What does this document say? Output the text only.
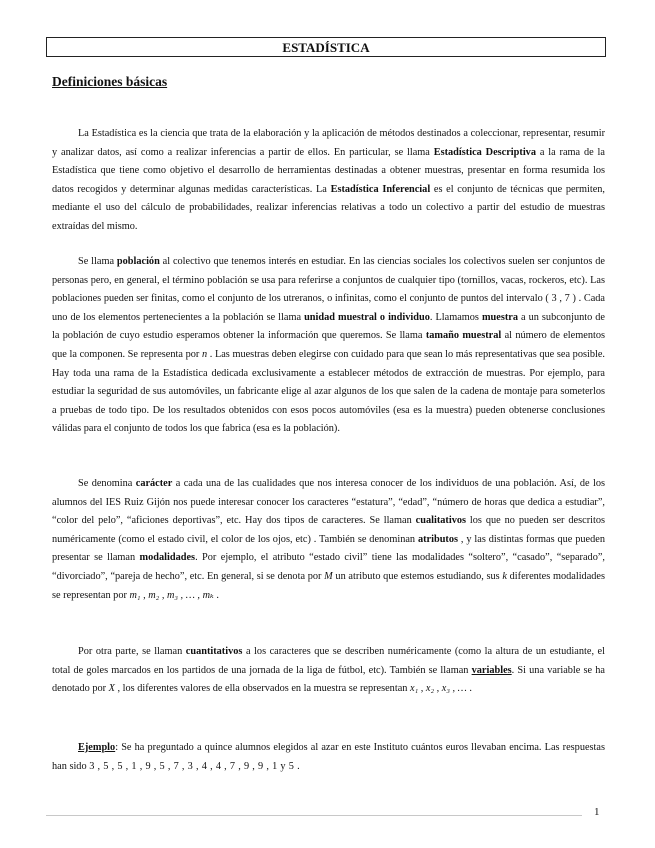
ESTADÍSTICA
Definiciones básicas

La Estadística es la ciencia que trata de la elaboración y la aplicación de métodos destinados a coleccionar, representar, resumir y analizar datos, así como a realizar inferencias a partir de ellos. En particular, se llama Estadística Descriptiva a la rama de la Estadística que tiene como objetivo el desarrollo de herramientas destinadas a obtener muestras, presentar en forma resumida los datos recogidos y determinar algunas medidas características. La Estadística Inferencial es el conjunto de técnicas que permiten, mediante el uso del cálculo de probabilidades, realizar inferencias relativas a todo un colectivo a partir del estudio de muestras extraídas del mismo.

Se llama población al colectivo que tenemos interés en estudiar. En las ciencias sociales los colectivos suelen ser conjuntos de personas pero, en general, el término población se usa para referirse a conjuntos de cualquier tipo (tornillos, vacas, rockeros, etc). Las poblaciones pueden ser finitas, como el conjunto de los utreranos, o infinitas, como el conjunto de puntos del intervalo ( 3 , 7 ) . Cada uno de los elementos pertenecientes a la población se llama unidad muestral o individuo. Llamamos muestra a un subconjunto de la población de cuyo estudio esperamos obtener la información que queremos. Se llama tamaño muestral al número de elementos que la componen. Se representa por n . Las muestras deben elegirse con cuidado para que sean lo más representativas que sea posible. Hay toda una rama de la Estadística dedicada exclusivamente a establecer métodos de extracción de muestras. Por ejemplo, para estudiar la seguridad de sus automóviles, un fabricante elige al azar algunos de los que salen de la cadena de montaje para someterlos a pruebas de todo tipo. De los resultados obtenidos con esos pocos automóviles (esa es la muestra) pueden obtenerse conclusiones válidas para el conjunto de todos los que fabrica (esa es la población).

Se denomina carácter a cada una de las cualidades que nos interesa conocer de los individuos de una población. Así, de los alumnos del IES Ruiz Gijón nos puede interesar conocer los caracteres “estatura”, “edad”, “número de horas que dedica a estudiar”, “color del pelo”, “aficiones deportivas”, etc. Hay dos tipos de caracteres. Se llaman cualitativos los que no pueden ser descritos numéricamente (como el estado civil, el color de los ojos, etc) . También se denominan atributos , y las distintas formas que pueden presentar se llaman modalidades. Por ejemplo, el atributo “estado civil” tiene las modalidades “soltero”, “casado”, “separado”, “divorciado”, “pareja de hecho”, etc. En general, si se denota por M un atributo que estemos estudiando, sus k diferentes modalidades se representan por m₁ , m₂ , m₃ , … , mₖ .

Por otra parte, se llaman cuantitativos a los caracteres que se describen numéricamente (como la altura de un estudiante, el total de goles marcados en los partidos de una jornada de la liga de fútbol, etc). También se llaman variables. Si una variable se ha denotado por X , los diferentes valores de ella observados en la muestra se representan x₁ , x₂ , x₃ , … .

Ejemplo: Se ha preguntado a quince alumnos elegidos al azar en este Instituto cuántos euros llevaban encima. Las respuestas han sido 3 , 5 , 5 , 1 , 9 , 5 , 7 , 3 , 4 , 4 , 7 , 9 , 9 , 1 y 5 .

1
